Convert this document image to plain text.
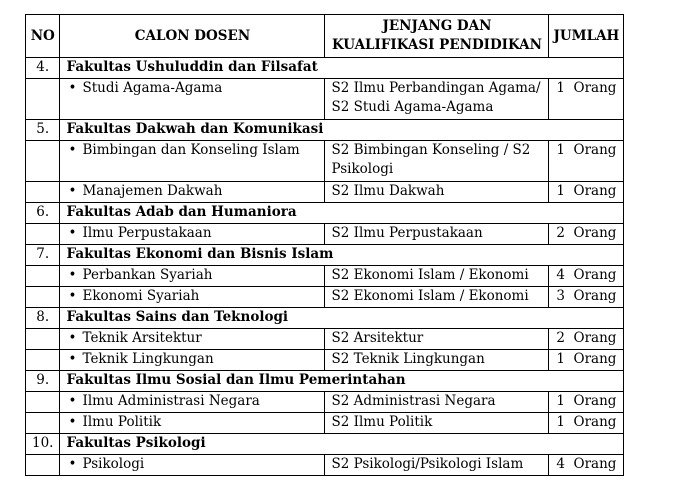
NO	CALON DOSEN	JENJANG DAN KUALIFIKASI PENDIDIKAN	JUMLAH
4.	Fakultas Ushuluddin dan Filsafat		
	• Studi Agama-Agama	S2 Ilmu Perbandingan Agama/ S2 Studi Agama-Agama	1  Orang
5.	Fakultas Dakwah dan Komunikasi		
	• Bimbingan dan Konseling Islam	S2 Bimbingan Konseling / S2 Psikologi	1  Orang
	• Manajemen Dakwah	S2 Ilmu Dakwah	1  Orang
6.	Fakultas Adab dan Humaniora		
	• Ilmu Perpustakaan	S2 Ilmu Perpustakaan	2  Orang
7.	Fakultas Ekonomi dan Bisnis Islam		
	• Perbankan Syariah	S2 Ekonomi Islam / Ekonomi	4  Orang
	• Ekonomi Syariah	S2 Ekonomi Islam / Ekonomi	3  Orang
8.	Fakultas Sains dan Teknologi		
	• Teknik Arsitektur	S2 Arsitektur	2  Orang
	• Teknik Lingkungan	S2 Teknik Lingkungan	1  Orang
9.	Fakultas Ilmu Sosial dan Ilmu Pemerintahan		
	• Ilmu Administrasi Negara	S2 Administrasi Negara	1  Orang
	• Ilmu Politik	S2 Ilmu Politik	1  Orang
10.	Fakultas Psikologi		
	• Psikologi	S2 Psikologi/Psikologi Islam	4  Orang
